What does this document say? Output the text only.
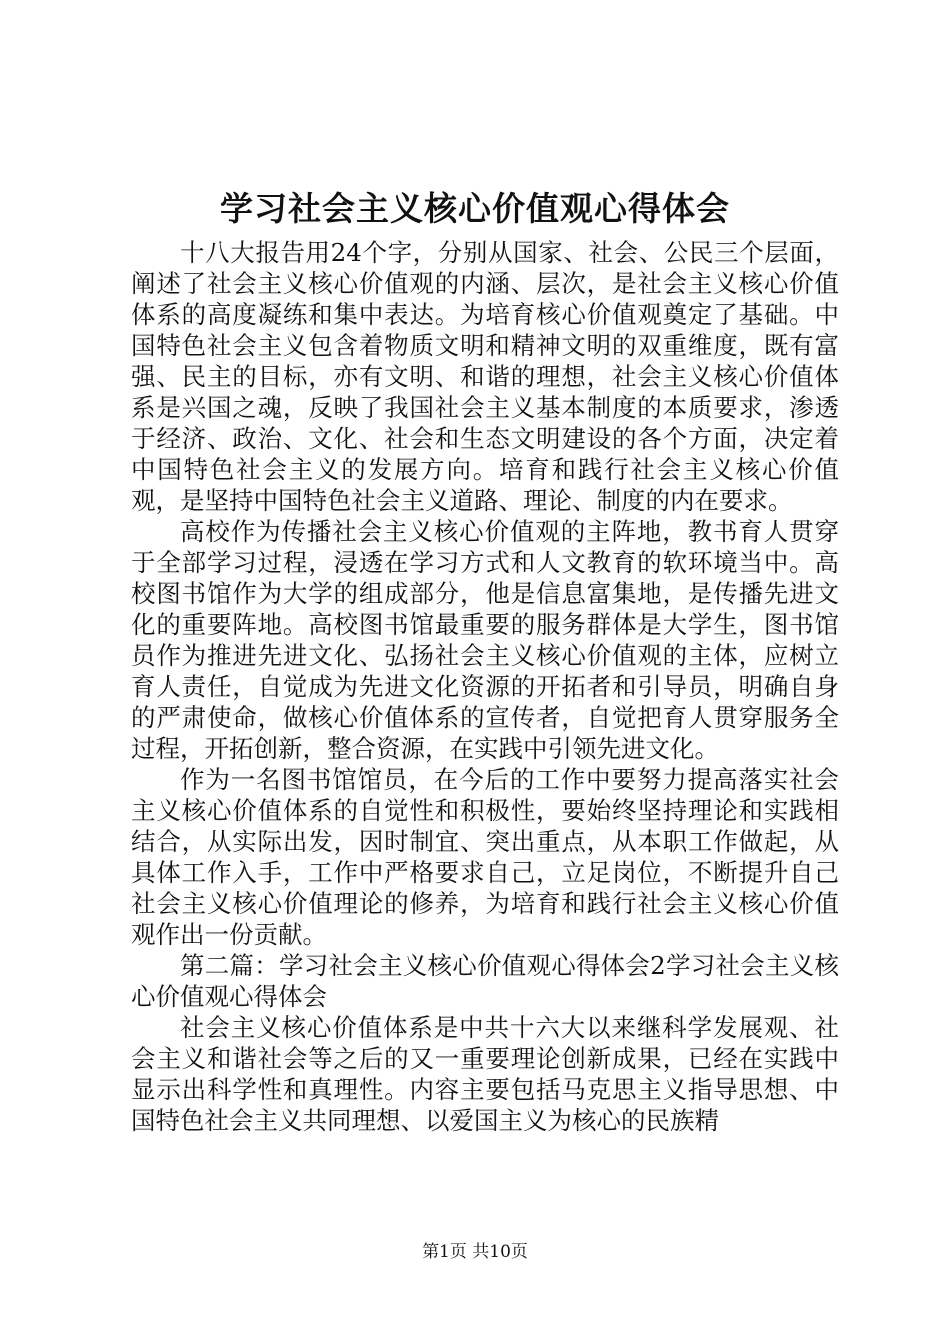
学习社会主义核心价值观心得体会

十八大报告用24个字，分别从国家、社会、公民三个层面，阐述了社会主义核心价值观的内涵、层次，是社会主义核心价值体系的高度凝练和集中表达。为培育核心价值观奠定了基础。中国特色社会主义包含着物质文明和精神文明的双重维度，既有富强、民主的目标，亦有文明、和谐的理想，社会主义核心价值体系是兴国之魂，反映了我国社会主义基本制度的本质要求，渗透于经济、政治、文化、社会和生态文明建设的各个方面，决定着中国特色社会主义的发展方向。培育和践行社会主义核心价值观，是坚持中国特色社会主义道路、理论、制度的内在要求。

高校作为传播社会主义核心价值观的主阵地，教书育人贯穿于全部学习过程，浸透在学习方式和人文教育的软环境当中。高校图书馆作为大学的组成部分，他是信息富集地，是传播先进文化的重要阵地。高校图书馆最重要的服务群体是大学生，图书馆员作为推进先进文化、弘扬社会主义核心价值观的主体，应树立育人责任，自觉成为先进文化资源的开拓者和引导员，明确自身的严肃使命，做核心价值体系的宣传者，自觉把育人贯穿服务全过程，开拓创新，整合资源，在实践中引领先进文化。

作为一名图书馆馆员，在今后的工作中要努力提高落实社会主义核心价值体系的自觉性和积极性，要始终坚持理论和实践相结合，从实际出发，因时制宜、突出重点，从本职工作做起，从具体工作入手，工作中严格要求自己，立足岗位，不断提升自己社会主义核心价值理论的修养，为培育和践行社会主义核心价值观作出一份贡献。

第二篇：学习社会主义核心价值观心得体会2学习社会主义核心价值观心得体会

社会主义核心价值体系是中共十六大以来继科学发展观、社会主义和谐社会等之后的又一重要理论创新成果，已经在实践中显示出科学性和真理性。内容主要包括马克思主义指导思想、中国特色社会主义共同理想、以爱国主义为核心的民族精

第1页 共10页
